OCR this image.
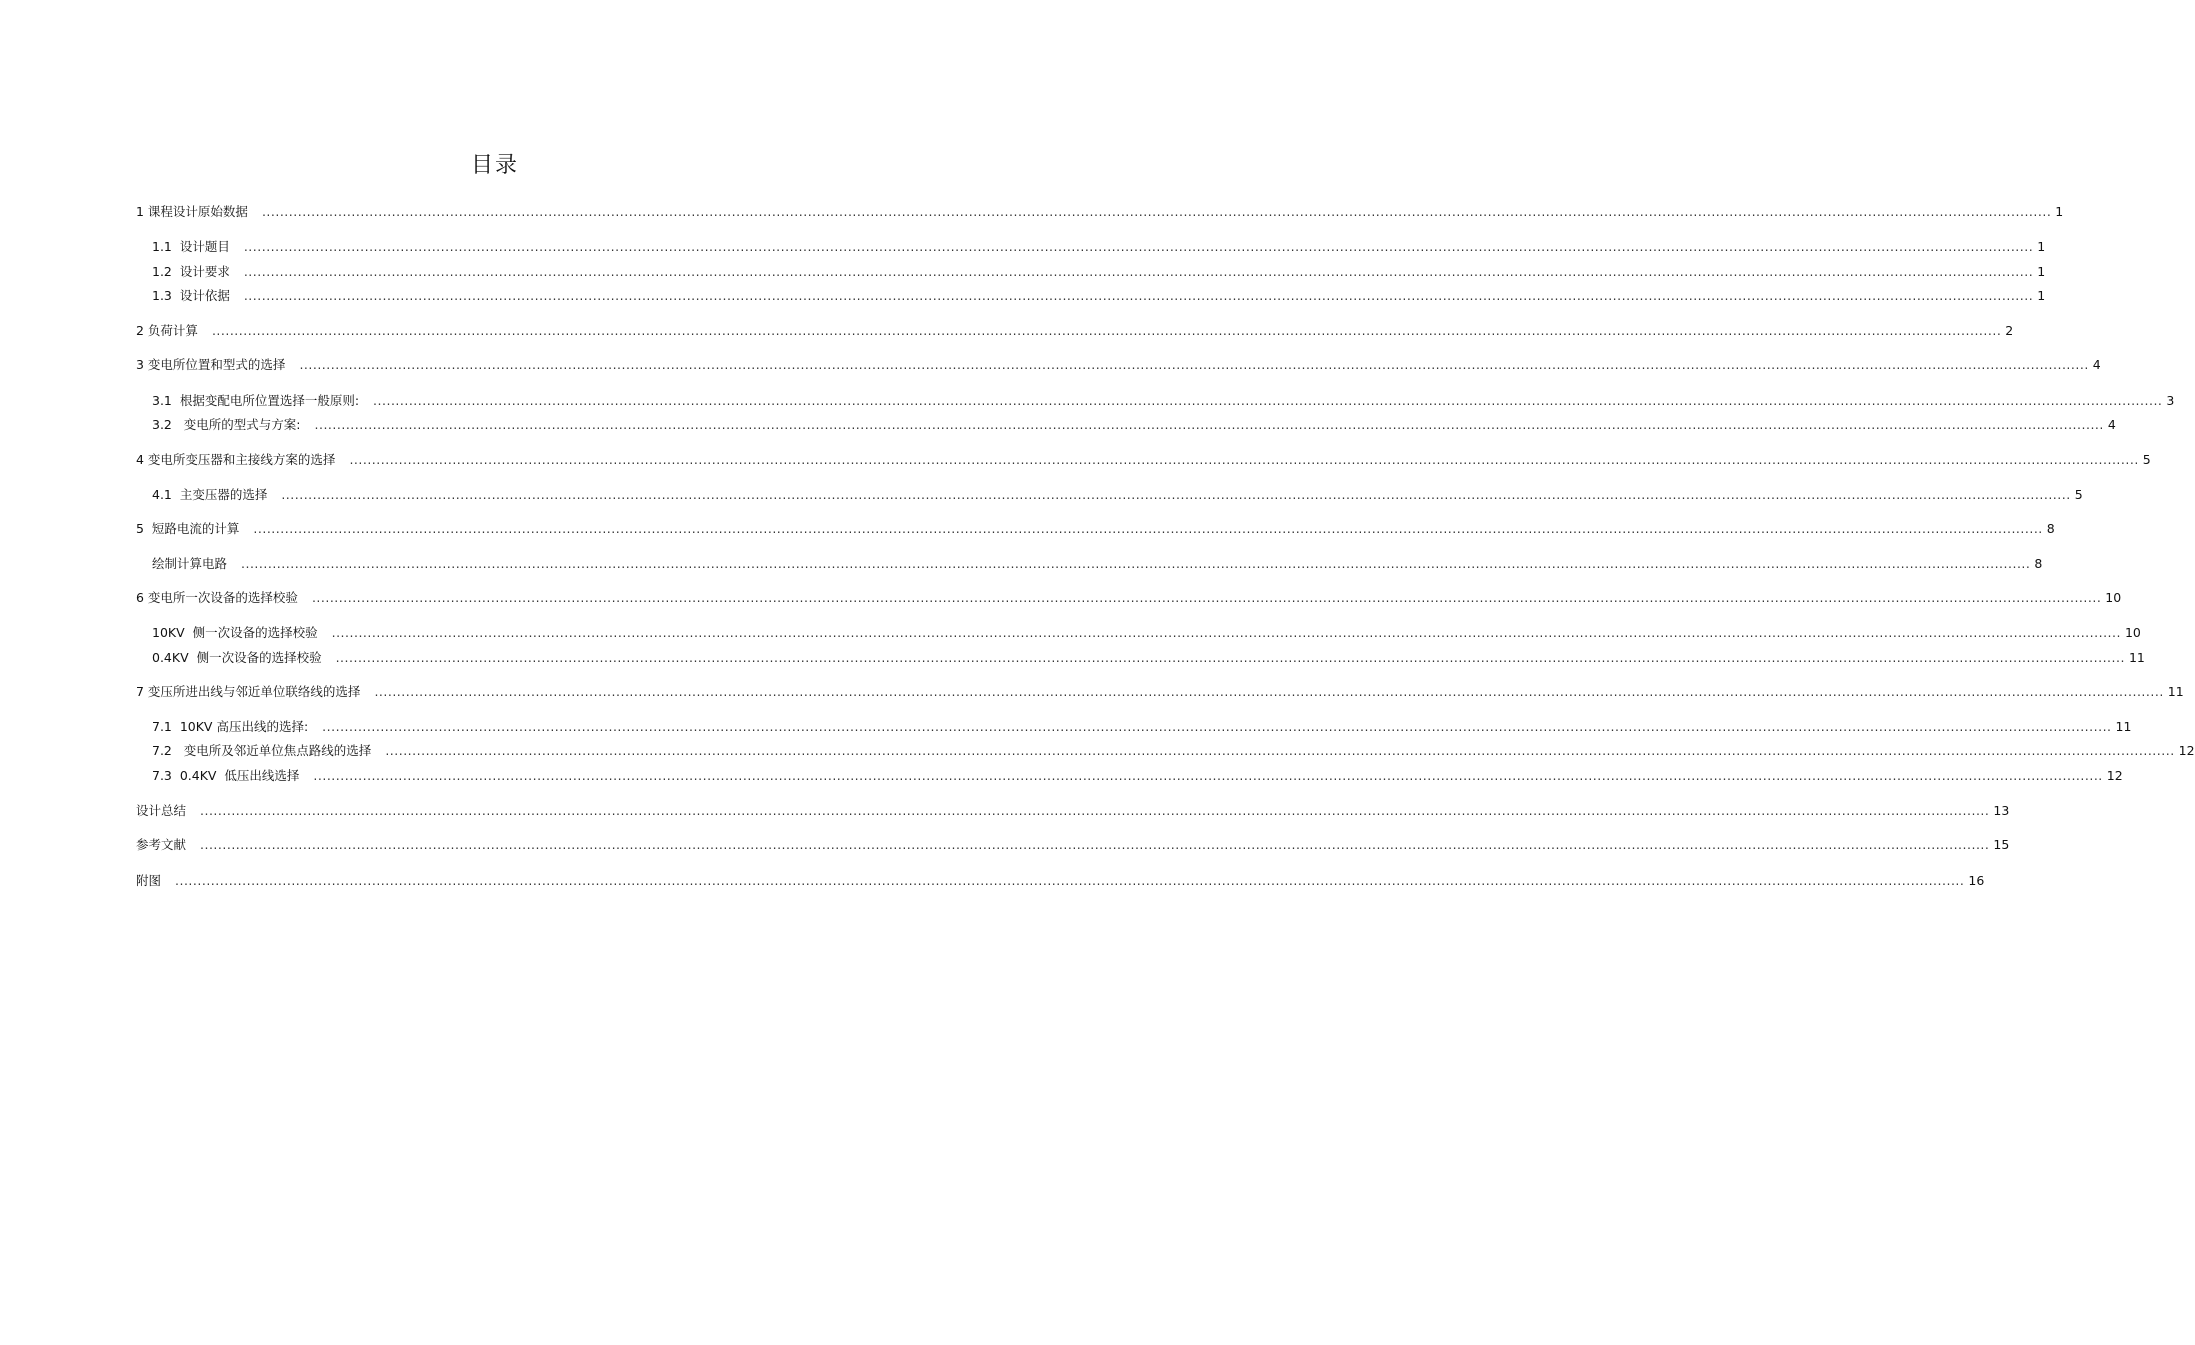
目录
1 课程设计原始数据	................................................................................................................................................................................................................................................................................................................................................................................................................ 1
1.1  设计题目	................................................................................................................................................................................................................................................................................................................................................................................................................ 1
1.2  设计要求	................................................................................................................................................................................................................................................................................................................................................................................................................ 1
1.3  设计依据	................................................................................................................................................................................................................................................................................................................................................................................................................ 1
2 负荷计算	................................................................................................................................................................................................................................................................................................................................................................................................................ 2
3 变电所位置和型式的选择	................................................................................................................................................................................................................................................................................................................................................................................................................ 4
3.1  根据变配电所位置选择一般原则:	................................................................................................................................................................................................................................................................................................................................................................................................................ 3
3.2   变电所的型式与方案:	................................................................................................................................................................................................................................................................................................................................................................................................................ 4
4 变电所变压器和主接线方案的选择	................................................................................................................................................................................................................................................................................................................................................................................................................ 5
4.1  主变压器的选择	................................................................................................................................................................................................................................................................................................................................................................................................................ 5
5  短路电流的计算	................................................................................................................................................................................................................................................................................................................................................................................................................ 8
绘制计算电路	................................................................................................................................................................................................................................................................................................................................................................................................................ 8
6 变电所一次设备的选择校验	................................................................................................................................................................................................................................................................................................................................................................................................................ 10
10KV  侧一次设备的选择校验	................................................................................................................................................................................................................................................................................................................................................................................................................ 10
0.4KV  侧一次设备的选择校验	................................................................................................................................................................................................................................................................................................................................................................................................................ 11
7 变压所进出线与邻近单位联络线的选择	................................................................................................................................................................................................................................................................................................................................................................................................................ 11
7.1  10KV 高压出线的选择:	................................................................................................................................................................................................................................................................................................................................................................................................................ 11
7.2   变电所及邻近单位焦点路线的选择	................................................................................................................................................................................................................................................................................................................................................................................................................ 12
7.3  0.4KV  低压出线选择	................................................................................................................................................................................................................................................................................................................................................................................................................ 12
设计总结	................................................................................................................................................................................................................................................................................................................................................................................................................ 13
参考文献	................................................................................................................................................................................................................................................................................................................................................................................................................ 15
附图	................................................................................................................................................................................................................................................................................................................................................................................................................ 16
